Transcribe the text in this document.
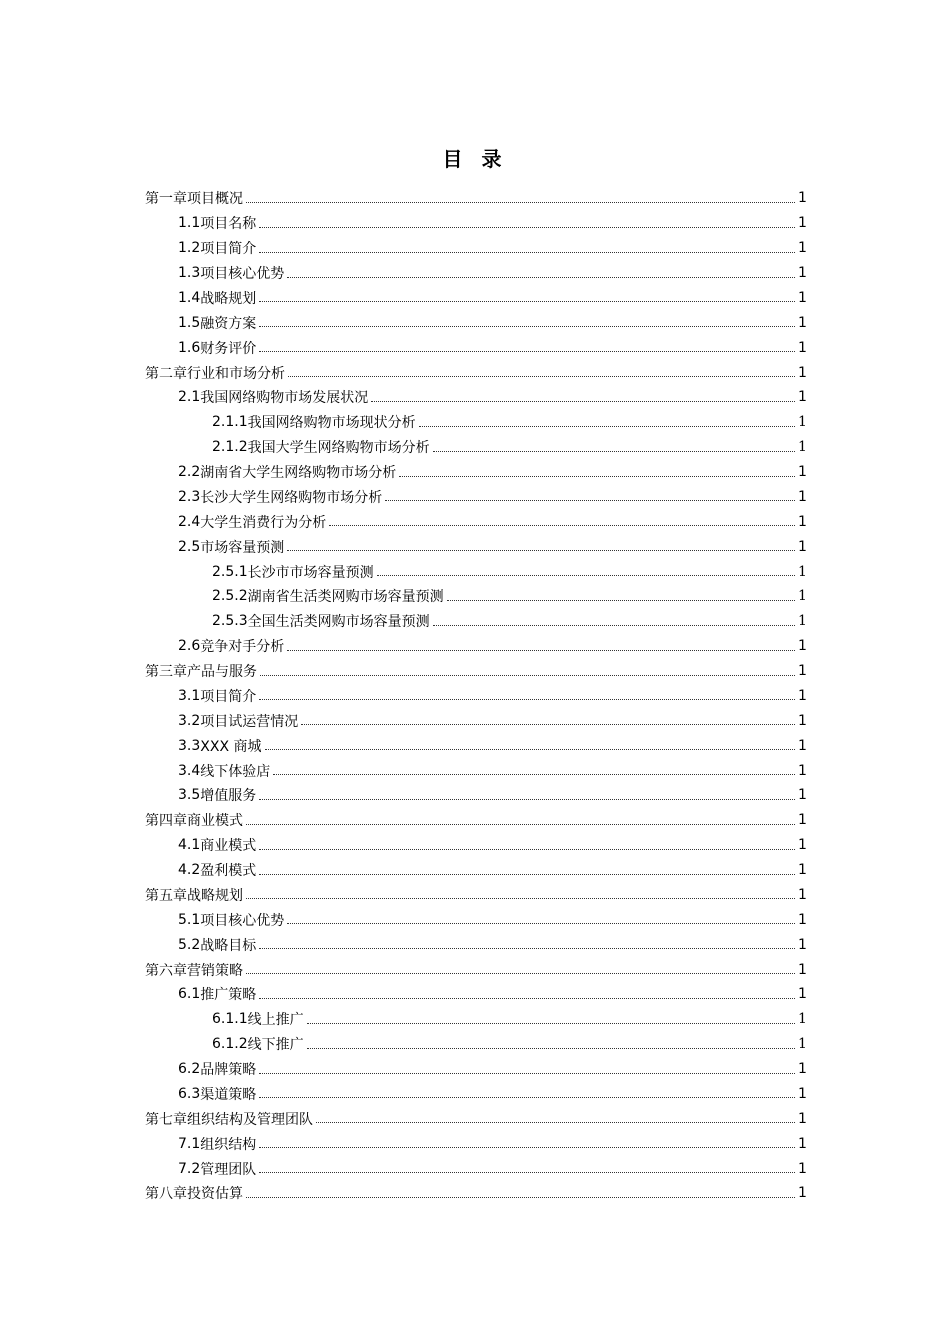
目 录
第一章 项目概况	1
1.1 项目名称	1
1.2 项目简介	1
1.3 项目核心优势	1
1.4 战略规划	1
1.5 融资方案	1
1.6 财务评价	1
第二章 行业和市场分析	1
2.1 我国网络购物市场发展状况	1
2.1.1 我国网络购物市场现状分析	1
2.1.2 我国大学生网络购物市场分析	1
2.2 湖南省大学生网络购物市场分析	1
2.3 长沙大学生网络购物市场分析	1
2.4 大学生消费行为分析	1
2.5 市场容量预测	1
2.5.1 长沙市市场容量预测	1
2.5.2 湖南省生活类网购市场容量预测	1
2.5.3 全国生活类网购市场容量预测	1
2.6 竞争对手分析	1
第三章 产品与服务	1
3.1 项目简介	1
3.2 项目试运营情况	1
3.3 XXX 商城	1
3.4 线下体验店	1
3.5 增值服务	1
第四章 商业模式	1
4.1 商业模式	1
4.2 盈利模式	1
第五章 战略规划	1
5.1 项目核心优势	1
5.2 战略目标	1
第六章 营销策略	1
6.1 推广策略	1
6.1.1 线上推广	1
6.1.2 线下推广	1
6.2 品牌策略	1
6.3 渠道策略	1
第七章 组织结构及管理团队	1
7.1 组织结构	1
7.2 管理团队	1
第八章 投资估算	1
